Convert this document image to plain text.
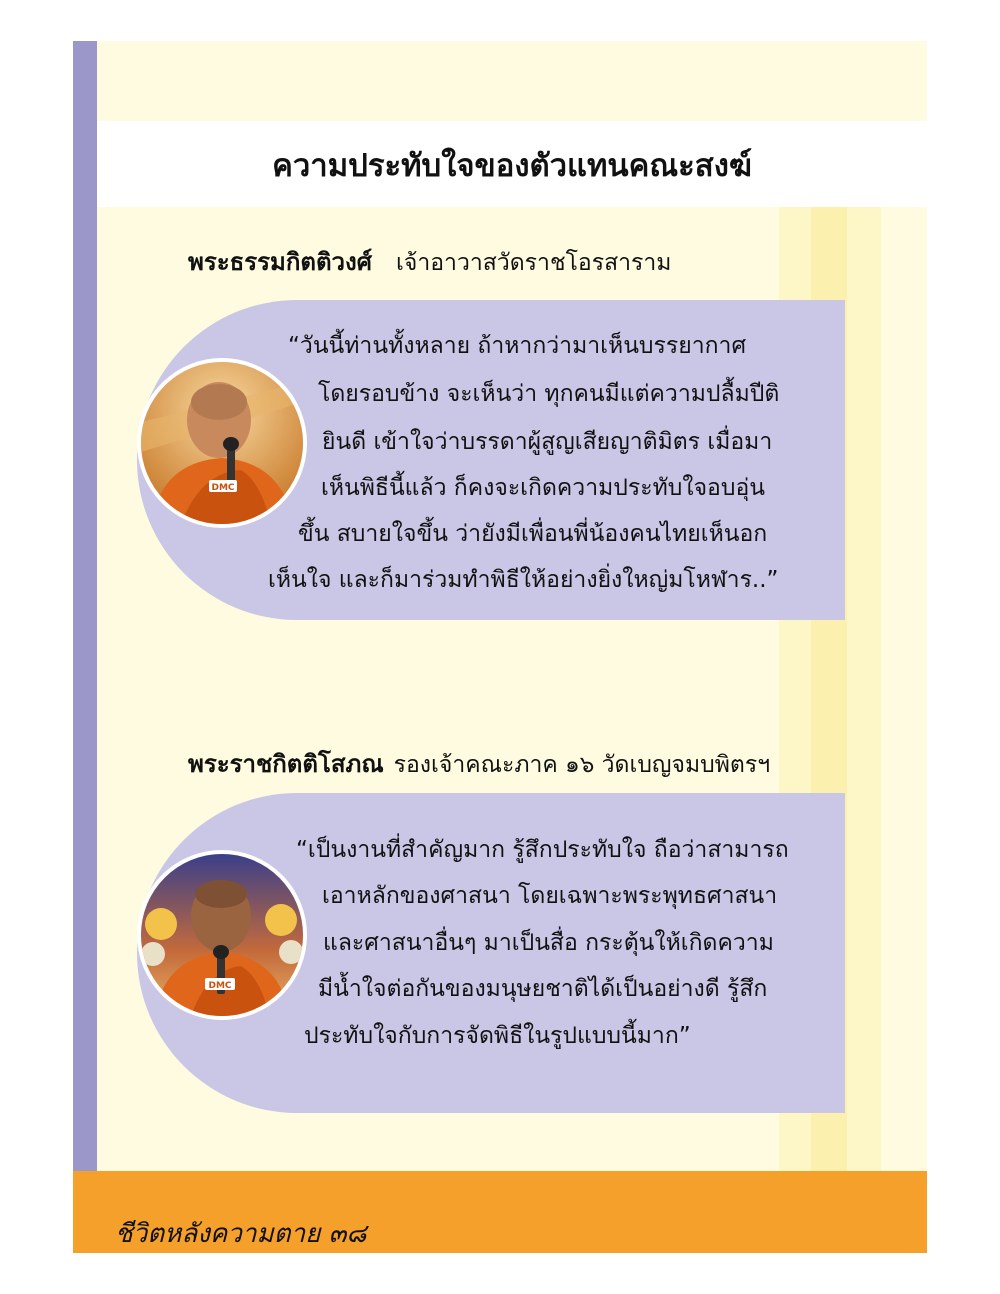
ความประทับใจของตัวแทนคณะสงฆ์
พระธรรมกิตติวงศ์ เจ้าอาวาสวัดราชโอรสาราม
DMC
“วันนี้ท่านทั้งหลาย ถ้าหากว่ามาเห็นบรรยากาศ
โดยรอบข้าง จะเห็นว่า ทุกคนมีแต่ความปลื้มปีติ
ยินดี เข้าใจว่าบรรดาผู้สูญเสียญาติมิตร เมื่อมา
เห็นพิธีนี้แล้ว ก็คงจะเกิดความประทับใจอบอุ่น
ขึ้น สบายใจขึ้น ว่ายังมีเพื่อนพี่น้องคนไทยเห็นอก
เห็นใจ และก็มาร่วมทำพิธีให้อย่างยิ่งใหญ่มโหฬาร..”
พระราชกิตติโสภณ รองเจ้าคณะภาค ๑๖ วัดเบญจมบพิตรฯ
DMC
“เป็นงานที่สำคัญมาก รู้สึกประทับใจ ถือว่าสามารถ
เอาหลักของศาสนา โดยเฉพาะพระพุทธศาสนา
และศาสนาอื่นๆ มาเป็นสื่อ กระตุ้นให้เกิดความ
มีน้ำใจต่อกันของมนุษยชาติได้เป็นอย่างดี รู้สึก
ประทับใจกับการจัดพิธีในรูปแบบนี้มาก”
ชีวิตหลังความตาย ๓๘
